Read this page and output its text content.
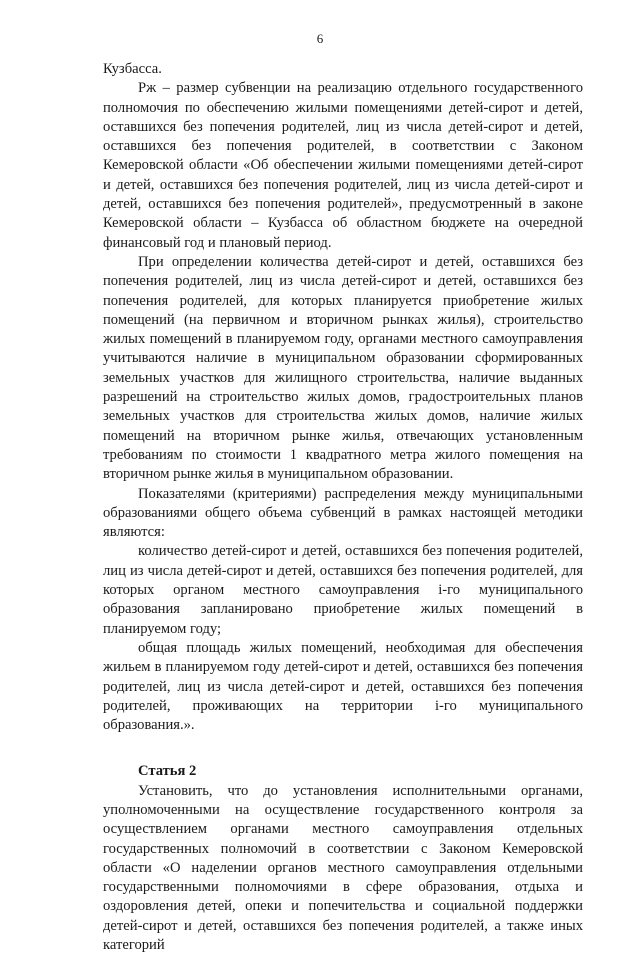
6

Кузбасса.

Pж – размер субвенции на реализацию отдельного государственного полномочия по обеспечению жилыми помещениями детей-сирот и детей, оставшихся без попечения родителей, лиц из числа детей-сирот и детей, оставшихся без попечения родителей, в соответствии с Законом Кемеровской области «Об обеспечении жилыми помещениями детей-сирот и детей, оставшихся без попечения родителей, лиц из числа детей-сирот и детей, оставшихся без попечения родителей», предусмотренный в законе Кемеровской области – Кузбасса об областном бюджете на очередной финансовый год и плановый период.

При определении количества детей-сирот и детей, оставшихся без попечения родителей, лиц из числа детей-сирот и детей, оставшихся без попечения родителей, для которых планируется приобретение жилых помещений (на первичном и вторичном рынках жилья), строительство жилых помещений в планируемом году, органами местного самоуправления учитываются наличие в муниципальном образовании сформированных земельных участков для жилищного строительства, наличие выданных разрешений на строительство жилых домов, градостроительных планов земельных участков для строительства жилых домов, наличие жилых помещений на вторичном рынке жилья, отвечающих установленным требованиям по стоимости 1 квадратного метра жилого помещения на вторичном рынке жилья в муниципальном образовании.

Показателями (критериями) распределения между муниципальными образованиями общего объема субвенций в рамках настоящей методики являются:

количество детей-сирот и детей, оставшихся без попечения родителей, лиц из числа детей-сирот и детей, оставшихся без попечения родителей, для которых органом местного самоуправления i-го муниципального образования запланировано приобретение жилых помещений в планируемом году;

общая площадь жилых помещений, необходимая для обеспечения жильем в планируемом году детей-сирот и детей, оставшихся без попечения родителей, лиц из числа детей-сирот и детей, оставшихся без попечения родителей, проживающих на территории i-го муниципального образования.».

Статья 2

Установить, что до установления исполнительными органами, уполномоченными на осуществление государственного контроля за осуществлением органами местного самоуправления отдельных государственных полномочий в соответствии с Законом Кемеровской области «О наделении органов местного самоуправления отдельными государственными полномочиями в сфере образования, отдыха и оздоровления детей, опеки и попечительства и социальной поддержки детей-сирот и детей, оставшихся без попечения родителей, а также иных категорий
